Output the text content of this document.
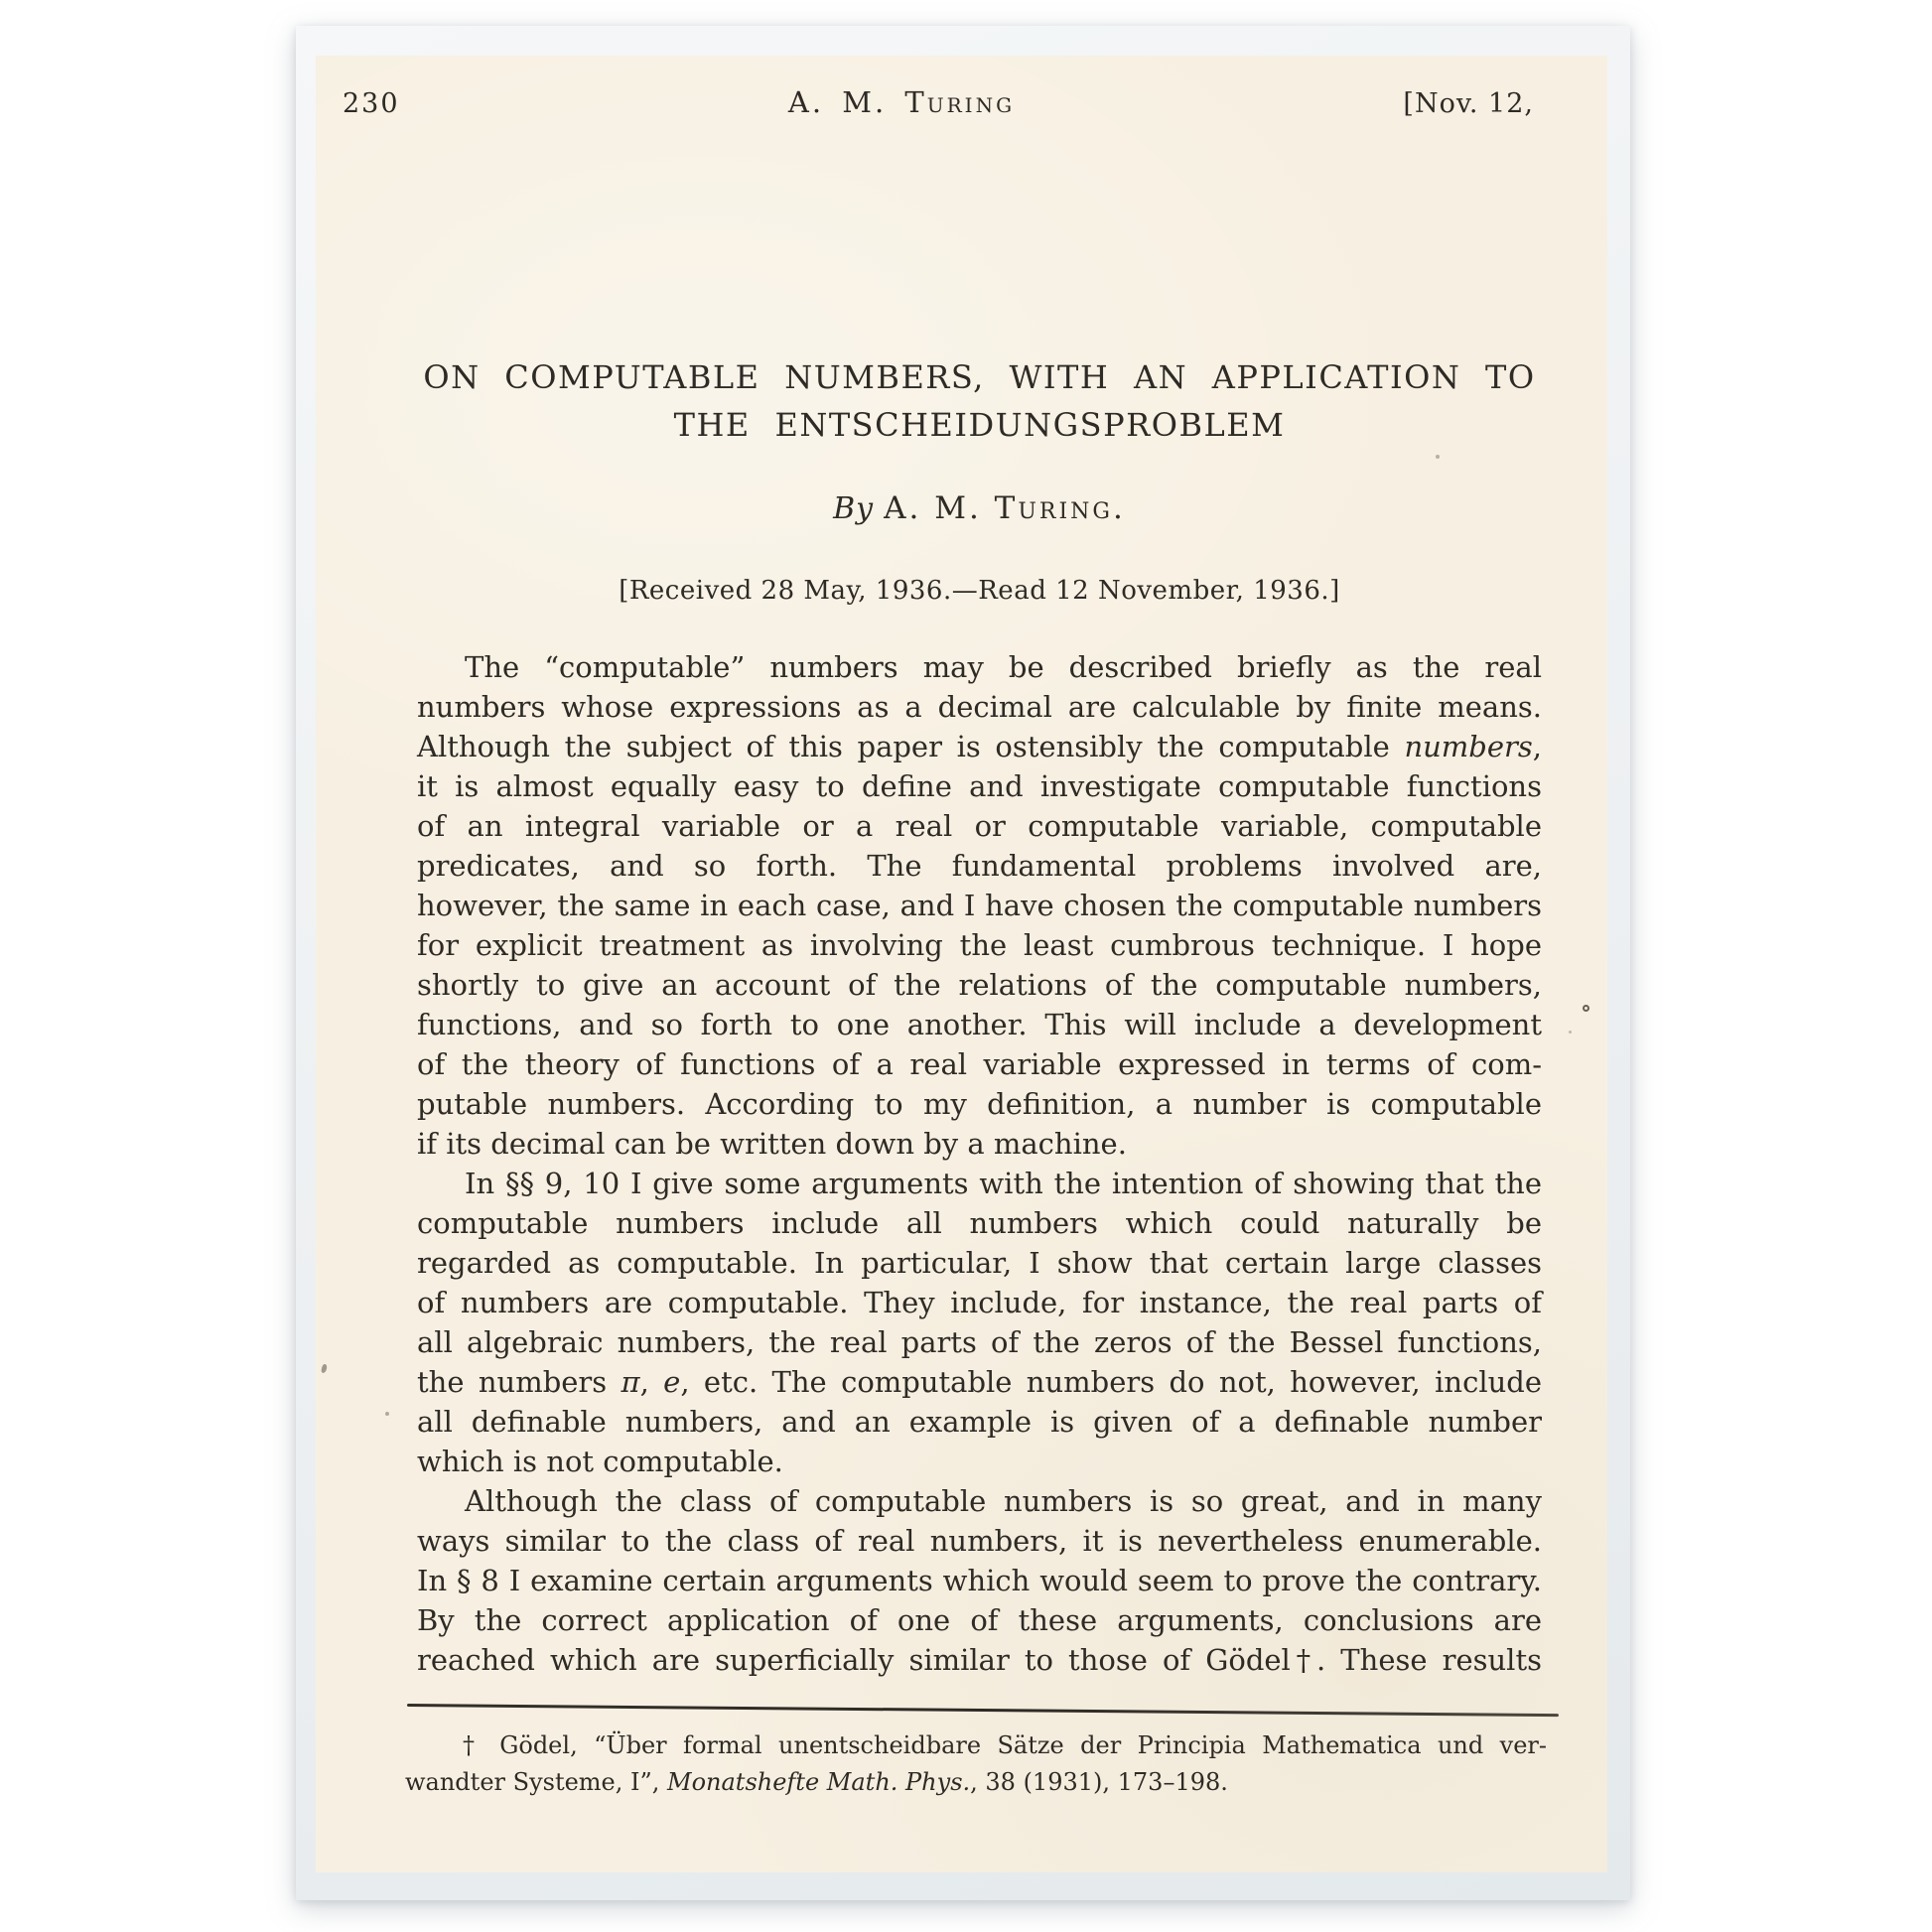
230	A. M. Turing	[Nov. 12,
ON COMPUTABLE NUMBERS, WITH AN APPLICATION TO
THE ENTSCHEIDUNGSPROBLEM
By A. M. Turing.
[Received 28 May, 1936.—Read 12 November, 1936.]
The “computable” numbers may be described briefly as the real
numbers whose expressions as a decimal are calculable by finite means.
Although the subject of this paper is ostensibly the computable numbers,
it is almost equally easy to define and investigate computable functions
of an integral variable or a real or computable variable, computable
predicates, and so forth. The fundamental problems involved are,
however, the same in each case, and I have chosen the computable numbers
for explicit treatment as involving the least cumbrous technique. I hope
shortly to give an account of the relations of the computable numbers,
functions, and so forth to one another. This will include a development
of the theory of functions of a real variable expressed in terms of com-
putable numbers. According to my definition, a number is computable
if its decimal can be written down by a machine.
In §§ 9, 10 I give some arguments with the intention of showing that the
computable numbers include all numbers which could naturally be
regarded as computable. In particular, I show that certain large classes
of numbers are computable. They include, for instance, the real parts of
all algebraic numbers, the real parts of the zeros of the Bessel functions,
the numbers π, e, etc. The computable numbers do not, however, include
all definable numbers, and an example is given of a definable number
which is not computable.
Although the class of computable numbers is so great, and in many
ways similar to the class of real numbers, it is nevertheless enumerable.
In § 8 I examine certain arguments which would seem to prove the contrary.
By the correct application of one of these arguments, conclusions are
reached which are superficially similar to those of Gödel†. These results
† Gödel, “Über formal unentscheidbare Sätze der Principia Mathematica und ver-
wandter Systeme, I”, Monatshefte Math. Phys., 38 (1931), 173–198.
